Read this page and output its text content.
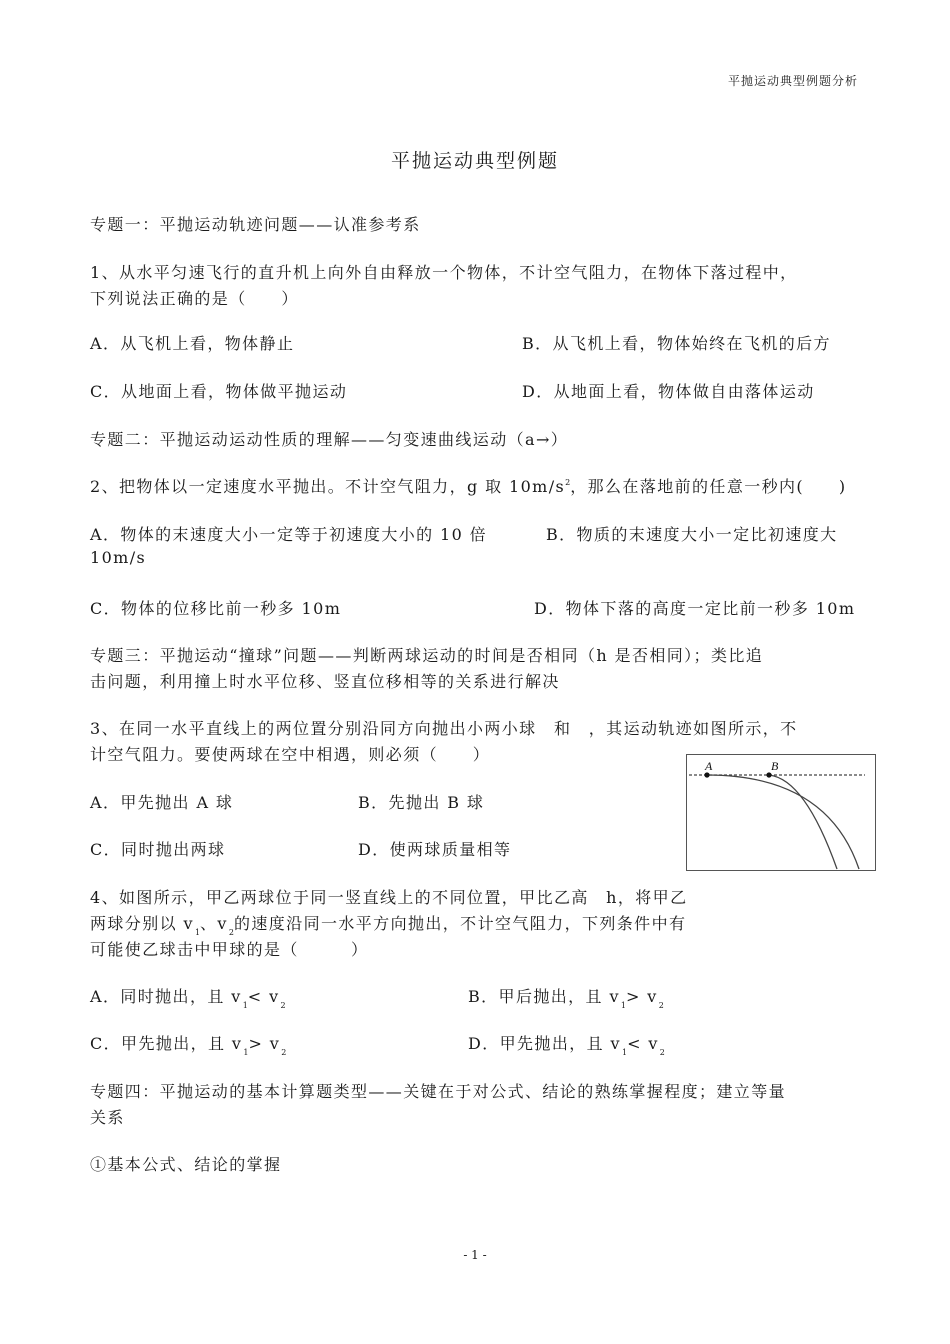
平抛运动典型例题分析
平抛运动典型例题
专题一：平抛运动轨迹问题——认准参考系
1、从水平匀速飞行的直升机上向外自由释放一个物体，不计空气阻力，在物体下落过程中，
下列说法正确的是（　　）
A．从飞机上看，物体静止	B．从飞机上看，物体始终在飞机的后方
C．从地面上看，物体做平抛运动	D．从地面上看，物体做自由落体运动
专题二：平抛运动运动性质的理解——匀变速曲线运动（a→）
2、把物体以一定速度水平抛出。不计空气阻力，g 取 $10m/s^2$，那么在落地前的任意一秒内(　　)
A．物体的末速度大小一定等于初速度大小的 10 倍	B．物质的末速度大小一定比初速度大
10m/s
C．物体的位移比前一秒多 10m	D．物体下落的高度一定比前一秒多 10m
专题三：平抛运动“撞球”问题——判断两球运动的时间是否相同（h 是否相同）；类比追
击问题，利用撞上时水平位移、竖直位移相等的关系进行解决
3、在同一水平直线上的两位置分别沿同方向抛出小两小球　和　，其运动轨迹如图所示，不
计空气阻力。要使两球在空中相遇，则必须（　　）
A	B
A．甲先抛出 A 球	B．先抛出 B 球
C．同时抛出两球	D．使两球质量相等
4、如图所示，甲乙两球位于同一竖直线上的不同位置，甲比乙高　h，将甲乙
两球分别以 $v_1$、$v_2$的速度沿同一水平方向抛出，不计空气阻力，下列条件中有
可能使乙球击中甲球的是（　　　）
A．同时抛出，且 $v_1< v_2$	B．甲后抛出，且 $v_1> v_2$
C．甲先抛出，且 $v_1> v_2$	D．甲先抛出，且 $v_1< v_2$
专题四：平抛运动的基本计算题类型——关键在于对公式、结论的熟练掌握程度；建立等量
关系
①基本公式、结论的掌握
- 1 -
